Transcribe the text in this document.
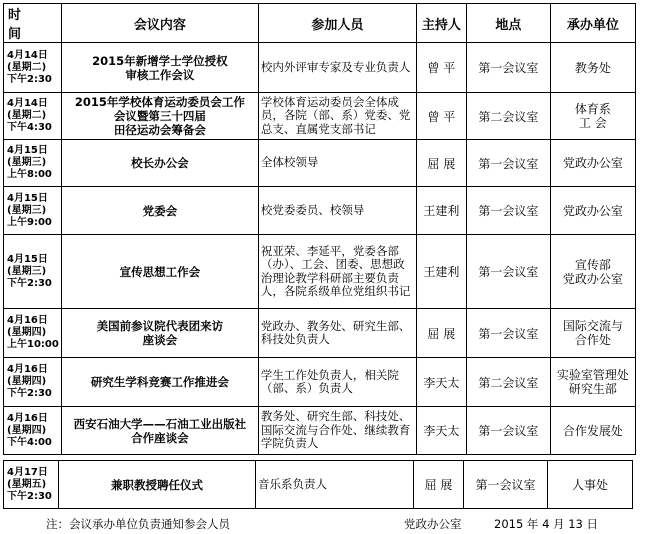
时 间	会议内容	参加人员	主持人	地点	承办单位

4月14日
(星期二)
下午2:30	2015年新增学士学位授权
审核工作会议	校内外评审专家及专业负责人	曾 平	第一会议室	教务处

4月14日
(星期二)
下午4:30	2015年学校体育运动委员会工作
会议暨第三十四届
田径运动会筹备会	学校体育运动委员会全体成员，各院（部、系）党委、党总支、直属党支部书记	曾 平	第二会议室	体育系
工 会

4月15日
(星期三)
上午8:00	校长办公会	全体校领导	屈 展	第一会议室	党政办公室

4月15日
(星期三)
上午9:00	党委会	校党委委员、校领导	王建利	第一会议室	党政办公室

4月15日
(星期三)
下午2:30	宣传思想工作会	祝亚荣、李延平，党委各部（办）、工会、团委、思想政治理论教学科研部主要负责人，各院系级单位党组织书记	王建利	第一会议室	宣传部
党政办公室

4月16日
(星期四)
上午10:00	美国前参议院代表团来访
座谈会	党政办、教务处、研究生部、科技处负责人	屈 展	第一会议室	国际交流与
合作处

4月16日
(星期四)
下午2:30	研究生学科竞赛工作推进会	学生工作处负责人，相关院（部、系）负责人	李天太	第二会议室	实验室管理处
研究生部

4月16日
(星期四)
下午4:00	西安石油大学——石油工业出版社
合作座谈会	教务处、研究生部、科技处、国际交流与合作处、继续教育学院负责人	李天太	第一会议室	合作发展处
4月17日
(星期五)
下午2:30

兼职教授聘任仪式	音乐系负责人	屈 展	第一会议室	人事处
注：会议承办单位负责通知参会人员	党政办公室	2015 年 4 月 13 日
